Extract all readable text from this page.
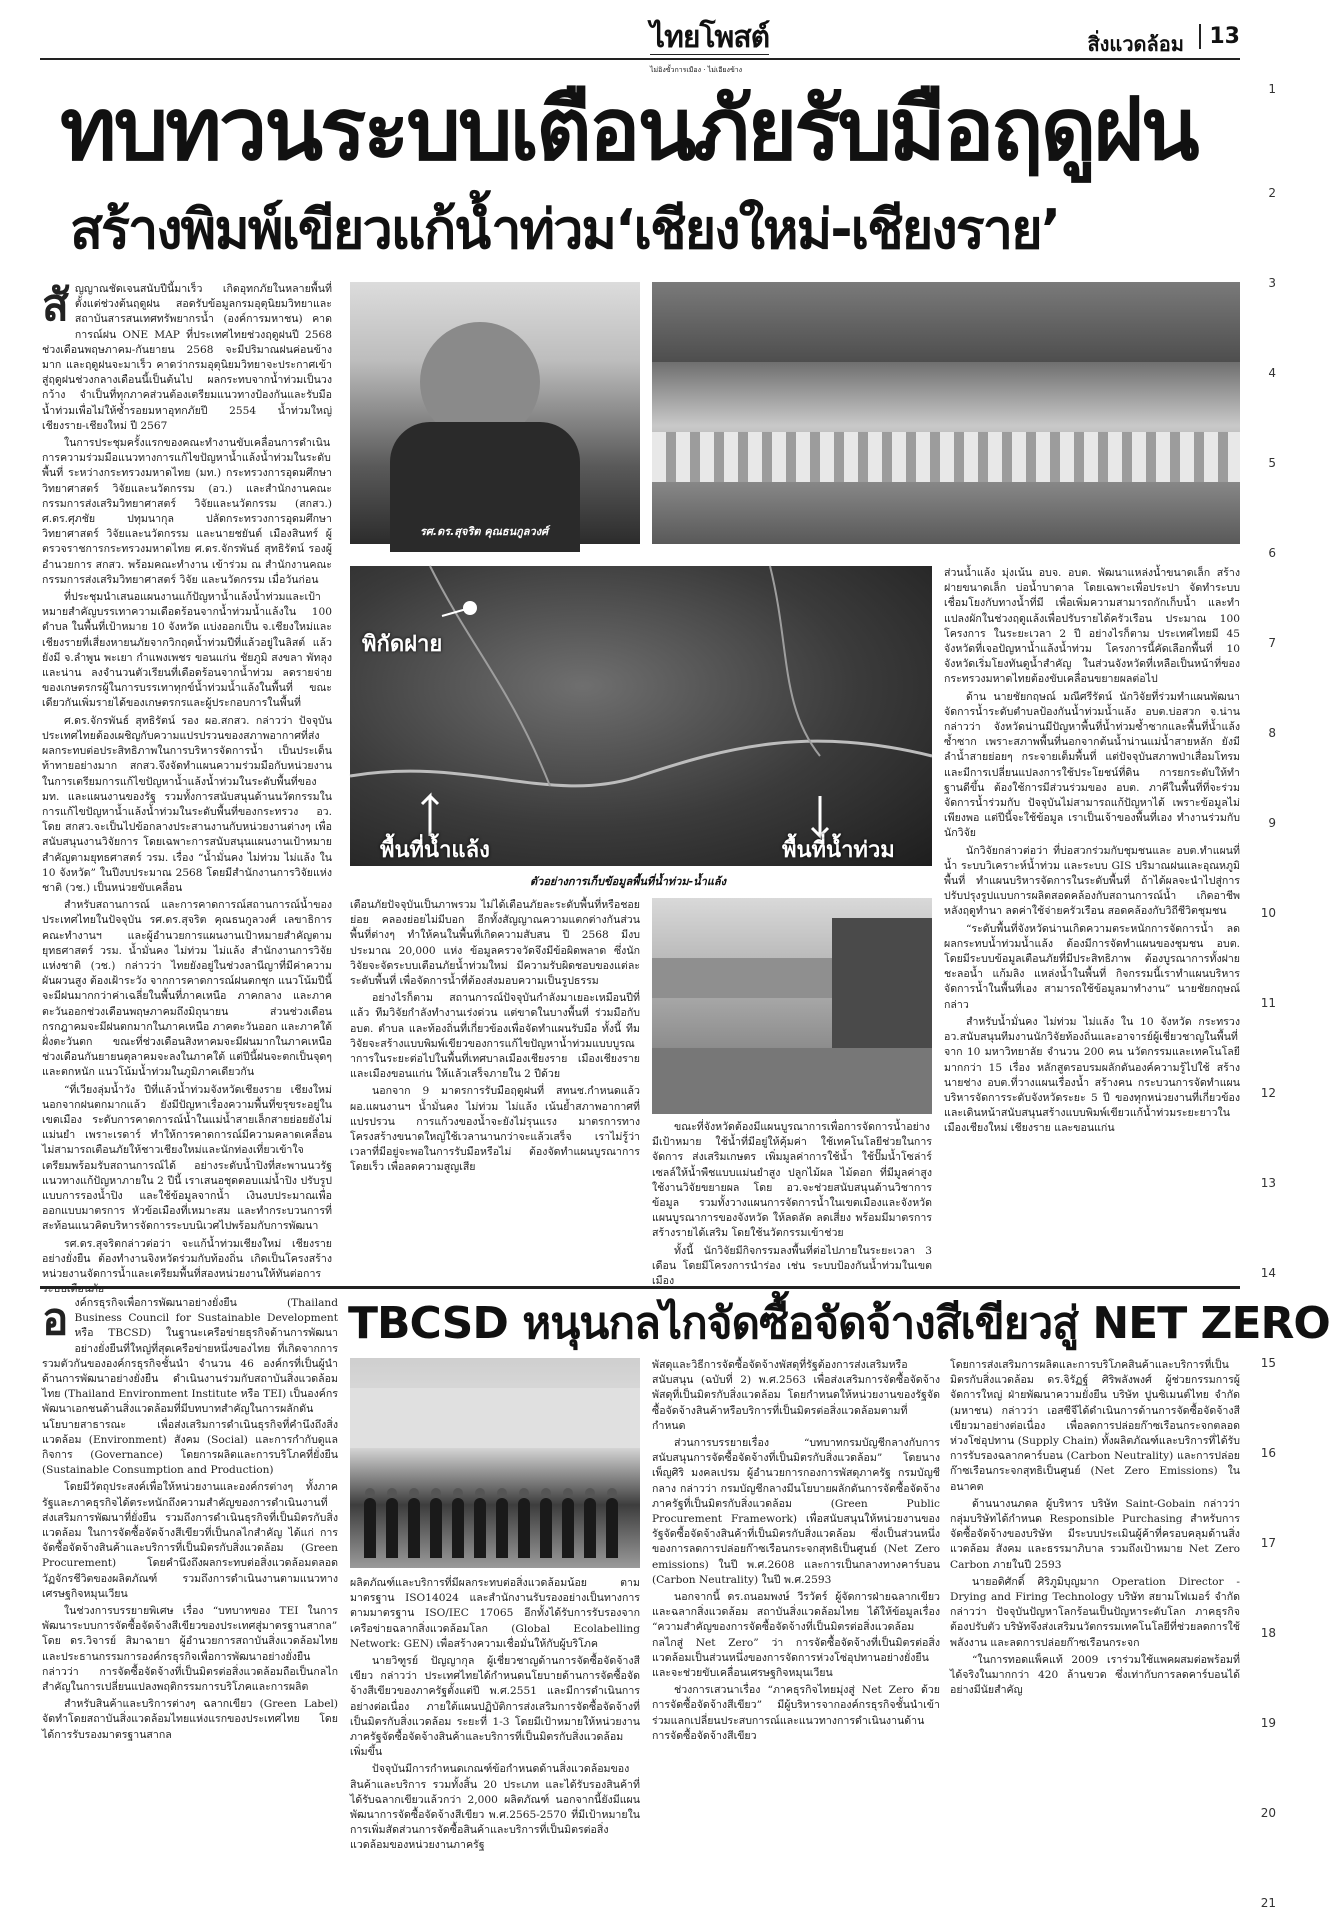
ไทยโพสต์
ไม่อิงขั้วการเมือง · ไม่เอียงข้าง
สิ่งแวดล้อม	13
1
2
3
4
5
6
7
8
9
10
11
12
13
14
15
16
17
18
19
20
21
ทบทวนระบบเตือนภัยรับมือฤดูฝน
สร้างพิมพ์เขียวแก้น้ำท่วม‘เชียงใหม่-เชียงราย’
สั ญญาณชัดเจนสนับปีนี้มาเร็ว เกิดอุทกภัยในหลายพื้นที่ตั้งแต่ช่วงต้นฤดูฝน สอดรับข้อมูลกรมอุตุนิยมวิทยาและสถาบันสารสนเทศทรัพยากรน้ำ (องค์การมหาชน) คาดการณ์ฝน ONE MAP ที่ประเทศไทยช่วงฤดูฝนปี 2568 ช่วงเดือนพฤษภาคม-กันยายน 2568 จะมีปริมาณฝนค่อนข้างมาก และฤดูฝนจะมาเร็ว คาดว่ากรมอุตุนิยมวิทยาจะประกาศเข้าสู่ฤดูฝนช่วงกลางเดือนนี้เป็นต้นไป ผลกระทบจากน้ำท่วมเป็นวงกว้าง จำเป็นที่ทุกภาคส่วนต้องเตรียมแนวทางป้องกันและรับมือน้ำท่วมเพื่อไม่ให้ซ้ำรอยมหาอุทกภัยปี 2554 น้ำท่วมใหญ่เชียงราย-เชียงใหม่ ปี 2567

ในการประชุมครั้งแรกของคณะทำงานขับเคลื่อนการดำเนินการความร่วมมือแนวทางการแก้ไขปัญหาน้ำแล้งน้ำท่วมในระดับพื้นที่ ระหว่างกระทรวงมหาดไทย (มท.) กระทรวงการอุดมศึกษา วิทยาศาสตร์ วิจัยและนวัตกรรม (อว.) และสำนักงานคณะกรรมการส่งเสริมวิทยาศาสตร์ วิจัยและนวัตกรรม (สกสว.) ศ.ดร.ศุภชัย ปทุมนากุล ปลัดกระทรวงการอุดมศึกษา วิทยาศาสตร์ วิจัยและนวัตกรรม และนายชยันต์ เมืองสินทร์ ผู้ตรวจราชการกระทรวงมหาดไทย ศ.ดร.จักรพันธ์ สุทธิรัตน์ รองผู้อำนวยการ สกสว. พร้อมคณะทำงาน เข้าร่วม ณ สำนักงานคณะกรรมการส่งเสริมวิทยาศาสตร์ วิจัย และนวัตกรรม เมื่อวันก่อน

ที่ประชุมนำเสนอแผนงานแก้ปัญหาน้ำแล้งน้ำท่วมและเป้าหมายสำคัญบรรเทาความเดือดร้อนจากน้ำท่วมน้ำแล้งใน 100 ตำบล ในพื้นที่เป้าหมาย 10 จังหวัด แบ่งออกเป็น จ.เชียงใหม่และเชียงรายที่เสี่ยงหายนภัยจากวิกฤตน้ำท่วมปีที่แล้วอยู่ในลิสต์ แล้วยังมี จ.ลำพูน พะเยา กำแพงเพชร ขอนแก่น ชัยภูมิ สงขลา พัทลุง และน่าน ลงจำนวนตัวเรียนที่เดือดร้อนจากน้ำท่วม ลดรายจ่ายของเกษตรกรผู้ในการบรรเทาทุกข์น้ำท่วมน้ำแล้งในพื้นที่ ขณะเดียวกันเพิ่มรายได้ของเกษตรกรและผู้ประกอบการในพื้นที่

ศ.ดร.จักรพันธ์ สุทธิรัตน์ รอง ผอ.สกสว. กล่าวว่า ปัจจุบันประเทศไทยต้องเผชิญกับความแปรปรวนของสภาพอากาศที่ส่งผลกระทบต่อประสิทธิภาพในการบริหารจัดการน้ำ เป็นประเด็นท้าทายอย่างมาก สกสว.จึงจัดทำแผนความร่วมมือกับหน่วยงานในการเตรียมการแก้ไขปัญหาน้ำแล้งน้ำท่วมในระดับพื้นที่ของ มท. และแผนงานของรัฐ รวมทั้งการสนับสนุนด้านนวัตกรรมในการแก้ไขปัญหาน้ำแล้งน้ำท่วมในระดับพื้นที่ของกระทรวง อว. โดย สกสว.จะเป็นไปข้อกลางประสานงานกับหน่วยงานต่างๆ เพื่อสนับสนุนงานวิจัยการ โดยเฉพาะการสนับสนุนแผนงานเป้าหมายสำคัญตามยุทธศาสตร์ วรม. เรื่อง “น้ำมั่นคง ไม่ท่วม ไม่แล้ง ใน 10 จังหวัด” ในปีงบประมาณ 2568 โดยมีสำนักงานการวิจัยแห่งชาติ (วช.) เป็นหน่วยขับเคลื่อน

สำหรับสถานการณ์ และการคาดการณ์สถานการณ์น้ำของประเทศไทยในปัจจุบัน รศ.ดร.สุจริต คุณธนกูลวงศ์ เลขาธิการคณะทำงานฯ และผู้อำนวยการแผนงานเป้าหมายสำคัญตามยุทธศาสตร์ วรม. น้ำมั่นคง ไม่ท่วม ไม่แล้ง สำนักงานการวิจัยแห่งชาติ (วช.) กล่าวว่า ไทยยังอยู่ในช่วงลานีญาที่มีค่าความผันผวนสูง ต้องเฝ้าระวัง จากการคาดการณ์ฝนตกชุก แนวโน้มปีนี้จะมีฝนมากกว่าค่าเฉลี่ยในพื้นที่ภาคเหนือ ภาคกลาง และภาคตะวันออกช่วงเดือนพฤษภาคมถึงมิถุนายน ส่วนช่วงเดือนกรกฎาคมจะมีฝนตกมากในภาคเหนือ ภาคตะวันออก และภาคใต้ฝั่งตะวันตก ขณะที่ช่วงเดือนสิงหาคมจะมีฝนมากในภาคเหนือ ช่วงเดือนกันยายนตุลาคมจะลงในภาคใต้ แต่ปีนี้ฝนจะตกเป็นจุดๆ และตกหนัก แนวโน้มน้ำท่วมในภูมิภาคเดียวกัน

“ที่เวียงลุ่มน้ำวัง ปีที่แล้วน้ำท่วมจังหวัดเชียงราย เชียงใหม่ นอกจากฝนตกมากแล้ว ยังมีปัญหาเรื่องความพื้นที่ขรุขระอยู่ในเขตเมือง ระดับการคาดการณ์น้ำในแม่น้ำสายเล็กสายย่อยยังไม่แม่นยำ เพราะเรดาร์ ทำให้การคาดการณ์มีความคลาดเคลื่อน ไม่สามารถเตือนภัยให้ชาวเชียงใหม่และนักท่องเที่ยวเข้าใจ เตรียมพร้อมรับสถานการณ์ได้ อย่างระดับน้ำปิงที่สะพานนวรัฐ แนวทางแก้ปัญหาภายใน 2 ปีนี้ เราเสนอชุดตอบแม่น้ำปิง ปรับรูปแบบการรองน้ำปิง และใช้ข้อมูลจากน้ำ เงินงบประมาณเพื่อออกแบบมาตรการ หัวข้อเมืองที่เหมาะสม และทำกระบวนการที่สะท้อนแนวคิดบริหารจัดการระบบนิเวศไปพร้อมกับการพัฒนา

รศ.ดร.สุจริตกล่าวต่อว่า จะแก้น้ำท่วมเชียงใหม่ เชียงรายอย่างยั่งยืน ต้องทำงานจิงหวัดร่วมกับท้องถิ่น เกิดเป็นโครงสร้างหน่วยงานจัดการน้ำและเตรียมพื้นที่สองหน่วยงานให้ทันต่อการระบบเตือนภัย

รศ.ดร.สุจริต คุณธนกูลวงศ์
พิกัดฝาย
พื้นที่น้ำแล้ง	พื้นที่น้ำท่วม
ตัวอย่างการเก็บข้อมูลพื้นที่น้ำท่วม-น้ำแล้ง

ส่วนน้ำแล้ง มุ่งเน้น อบจ. อบต. พัฒนาแหล่งน้ำขนาดเล็ก สร้างฝายขนาดเล็ก บ่อน้ำบาดาล โดยเฉพาะเพื่อประปา จัดทำระบบเชื่อมโยงกับทางน้ำที่มี เพื่อเพิ่มความสามารถกักเก็บน้ำ และทำแปลงผักในช่วงฤดูแล้งเพื่อปรับรายได้ครัวเรือน ประมาณ 100 โครงการ ในระยะเวลา 2 ปี อย่างไรก็ตาม ประเทศไทยมี 45 จังหวัดที่เจอปัญหาน้ำแล้งน้ำท่วม โครงการนี้คัดเลือกพื้นที่ 10 จังหวัดเริ่มโยงทันดูน้ำสำคัญ ในส่วนจังหวัดที่เหลือเป็นหน้าที่ของกระทรวงมหาดไทยต้องขับเคลื่อนขยายผลต่อไป

ด้าน นายชัยกฤษณ์ มณีศรีรัตน์ นักวิจัยที่ร่วมทำแผนพัฒนาจัดการน้ำระดับตำบลป้องกันน้ำท่วมน้ำแล้ง อบต.บ่อสวก จ.น่าน กล่าวว่า จังหวัดน่านมีปัญหาพื้นที่น้ำท่วมซ้ำซากและพื้นที่น้ำแล้งซ้ำซาก เพราะสภาพพื้นที่นอกจากต้นน้ำน่านแม่น้ำสายหลัก ยังมีลำน้ำสายย่อยๆ กระจายเต็มพื้นที่ แต่ปัจจุบันสภาพป่าเสื่อมโทรมและมีการเปลี่ยนแปลงการใช้ประโยชน์ที่ดิน การยกระดับให้ทำฐานดีขึ้น ต้องใช้การมีส่วนร่วมของ อบต. ภาคีในพื้นที่ที่จะร่วมจัดการน้ำร่วมกับ ปัจจุบันไม่สามารถแก้ปัญหาได้ เพราะข้อมูลไม่เพียงพอ แต่ปีนี้จะใช้ข้อมูล เราเป็นเจ้าของพื้นที่เอง ทำงานร่วมกับนักวิจัย

นักวิจัยกล่าวต่อว่า ที่บ่อสวกร่วมกับชุมชนและ อบต.ทำแผนที่น้ำ ระบบวิเคราะห์น้ำท่วม และระบบ GIS ปริมาณฝนและอุณหภูมิพื้นที่ ทำแผนบริหารจัดการในระดับพื้นที่ ถ้าได้ผลจะนำไปสู่การปรับปรุงรูปแบบการผลิตสอดคล้องกับสถานการณ์น้ำ เกิดอาชีพหลังฤดูทำนา ลดค่าใช้จ่ายครัวเรือน สอดคล้องกับวิถีชีวิตชุมชน

“ระดับพื้นที่จังหวัดน่านเกิดความตระหนักการจัดการน้ำ ลดผลกระทบน้ำท่วมน้ำแล้ง ต้องมีการจัดทำแผนของชุมชน อบต. โดยมีระบบข้อมูลเตือนภัยที่มีประสิทธิภาพ ต้องบูรณาการทั้งฝายชะลอน้ำ แก้มลิง แหล่งน้ำในพื้นที่ กิจกรรมนี้เราทำแผนบริหารจัดการน้ำในพื้นที่เอง สามารถใช้ข้อมูลมาทำงาน” นายชัยกฤษณ์กล่าว

สำหรับน้ำมั่นคง ไม่ท่วม ไม่แล้ง ใน 10 จังหวัด กระทรวง อว.สนับสนุนทีมงานนักวิจัยท้องถิ่นและอาจารย์ผู้เชี่ยวชาญในพื้นที่จาก 10 มหาวิทยาลัย จำนวน 200 คน นวัตกรรมและเทคโนโลยีมากกว่า 15 เรื่อง หลักสูตรอบรมผลักดันองค์ความรู้ไปใช้ สร้างนายช่าง อบต.ที่วางแผนเรื่องน้ำ สร้างคน กระบวนการจัดทำแผนบริหารจัดการระดับจังหวัดระยะ 5 ปี ของทุกหน่วยงานที่เกี่ยวข้อง และเดินหน้าสนับสนุนสร้างแบบพิมพ์เขียวแก้น้ำท่วมระยะยาวในเมืองเชียงใหม่ เชียงราย และขอนแก่น

เตือนภัยปัจจุบันเป็นภาพรวม ไม่ได้เตือนภัยละระดับพื้นที่หรือชอยย่อย คลองย่อยไม่มีบอก อีกทั้งสัญญาณความแตกต่างกันส่วนพื้นที่ต่างๆ ทำให้คนในพื้นที่เกิดความสับสน ปี 2568 มีงบประมาณ 20,000 แห่ง ข้อมูลครวจวัดจึงมีข้อผิดพลาด ซึ่งนักวิจัยจะจัดระบบเตือนภัยน้ำท่วมใหม่ มีความรับผิดชอบของแต่ละระดับพื้นที่ เพื่อจัดการน้ำที่ต้องส่งมอบความเป็นรูปธรรม

อย่างไรก็ตาม สถานการณ์ปัจจุบันกำลังมาเยอะเหมือนปีที่แล้ว ทีมวิจัยกำลังทำงานเร่งด่วน แต่ขาดในบางพื้นที่ ร่วมมือกับ อบต. ตำบล และท้องถิ่นที่เกี่ยวข้องเพื่อจัดทำแผนรับมือ ทั้งนี้ ทีมวิจัยจะสร้างแบบพิมพ์เขียวของการแก้ไขปัญหาน้ำท่วมแบบบูรณาการในระยะต่อไปในพื้นที่เทศบาลเมืองเชียงราย เมืองเชียงราย และเมืองขอนแก่น ให้แล้วเสร็จภายใน 2 ปีด้วย

นอกจาก 9 มาตรการรับมือฤดูฝนที่ สทนช.กำหนดแล้ว ผอ.แผนงานฯ น้ำมั่นคง ไม่ท่วม ไม่แล้ง เน้นย้ำสภาพอากาศที่แปรปรวน การแก้วงของน้ำจะยังไม่รุนแรง มาตรการทางโครงสร้างขนาดใหญ่ใช้เวลานานกว่าจะแล้วเสร็จ เราไม่รู้ว่าเวลาที่มีอยู่จะพอในการรับมือหรือไม่ ต้องจัดทำแผนบูรณาการโดยเร็ว เพื่อลดความสูญเสีย

ขณะที่จังหวัดต้องมีแผนบูรณาการเพื่อการจัดการน้ำอย่างมีเป้าหมาย ใช้น้ำที่มีอยู่ให้คุ้มค่า ใช้เทคโนโลยีช่วยในการจัดการ ส่งเสริมเกษตร เพิ่มมูลค่าการใช้น้ำ ใช้ปั๊มน้ำโซล่าร์เซลล์ให้น้ำพืชแบบแม่นยำสูง ปลูกไม้ผล ไม้ดอก ที่มีมูลค่าสูง ใช้งานวิจัยขยายผล โดย อว.จะช่วยสนับสนุนด้านวิชาการ ข้อมูล รวมทั้งวางแผนการจัดการน้ำในเขตเมืองและจังหวัดแผนบูรณาการของจังหวัด ให้ลดลัด ลดเสี่ยง พร้อมมีมาตรการสร้างรายได้เสริม โดยใช้นวัตกรรมเข้าช่วย

ทั้งนี้ นักวิจัยมีกิจกรรมลงพื้นที่ต่อไปภายในระยะเวลา 3 เดือน โดยมีโครงการนำร่อง เช่น ระบบป้องกันน้ำท่วมในเขตเมือง

อ งค์กรธุรกิจเพื่อการพัฒนาอย่างยั่งยืน (Thailand Business Council for Sustainable Development หรือ TBCSD) ในฐานะเครือข่ายธุรกิจด้านการพัฒนาอย่างยั่งยืนที่ใหญ่ที่สุดเครือข่ายหนึ่งของไทย ที่เกิดจากการรวมตัวกันขององค์กรธุรกิจชั้นนำ จำนวน 46 องค์กรที่เป็นผู้นำด้านการพัฒนาอย่างยั่งยืน ดำเนินงานร่วมกับสถาบันสิ่งแวดล้อมไทย (Thailand Environment Institute หรือ TEI) เป็นองค์กรพัฒนาเอกชนด้านสิ่งแวดล้อมที่มีบทบาทสำคัญในการผลักดันนโยบายสาธารณะ เพื่อส่งเสริมการดำเนินธุรกิจที่คำนึงถึงสิ่งแวดล้อม (Environment) สังคม (Social) และการกำกับดูแลกิจการ (Governance) โดยการผลิตและการบริโภคที่ยั่งยืน (Sustainable Consumption and Production)

โดยมีวัตถุประสงค์เพื่อให้หน่วยงานและองค์กรต่างๆ ทั้งภาครัฐและภาคธุรกิจได้ตระหนักถึงความสำคัญของการดำเนินงานที่ส่งเสริมการพัฒนาที่ยั่งยืน รวมถึงการดำเนินธุรกิจที่เป็นมิตรกับสิ่งแวดล้อม ในการจัดซื้อจัดจ้างสีเขียวที่เป็นกลไกสำคัญ ได้แก่ การจัดซื้อจัดจ้างสินค้าและบริการที่เป็นมิตรกับสิ่งแวดล้อม (Green Procurement) โดยคำนึงถึงผลกระทบต่อสิ่งแวดล้อมตลอดวัฏจักรชีวิตของผลิตภัณฑ์ รวมถึงการดำเนินงานตามแนวทางเศรษฐกิจหมุนเวียน

ในช่วงการบรรยายพิเศษ เรื่อง “บทบาทของ TEI ในการพัฒนาระบบการจัดซื้อจัดจ้างสีเขียวของประเทศสู่มาตรฐานสากล” โดย ดร.วิจารย์ สิมาฉายา ผู้อำนวยการสถาบันสิ่งแวดล้อมไทย และประธานกรรมการองค์กรธุรกิจเพื่อการพัฒนาอย่างยั่งยืน กล่าวว่า การจัดซื้อจัดจ้างที่เป็นมิตรต่อสิ่งแวดล้อมถือเป็นกลไกสำคัญในการเปลี่ยนแปลงพฤติกรรมการบริโภคและการผลิต

สำหรับสินค้าและบริการต่างๆ ฉลากเขียว (Green Label) จัดทำโดยสถาบันสิ่งแวดล้อมไทยแห่งแรกของประเทศไทย โดยได้การรับรองมาตรฐานสากล

TBCSD หนุนกลไกจัดซื้อจัดจ้างสีเขียวสู่ NET ZERO

ผลิตภัณฑ์และบริการที่มีผลกระทบต่อสิ่งแวดล้อมน้อย ตามมาตรฐาน ISO14024 และสำนักงานรับรองอย่างเป็นทางการตามมาตรฐาน ISO/IEC 17065 อีกทั้งได้รับการรับรองจากเครือข่ายฉลากสิ่งแวดล้อมโลก (Global Ecolabelling Network: GEN) เพื่อสร้างความเชื่อมั่นให้กับผู้บริโภค

นายวิฑูรย์ ปัญญากุล ผู้เชี่ยวชาญด้านการจัดซื้อจัดจ้างสีเขียว กล่าวว่า ประเทศไทยได้กำหนดนโยบายด้านการจัดซื้อจัดจ้างสีเขียวของภาครัฐตั้งแต่ปี พ.ศ.2551 และมีการดำเนินการอย่างต่อเนื่อง ภายใต้แผนปฏิบัติการส่งเสริมการจัดซื้อจัดจ้างที่เป็นมิตรกับสิ่งแวดล้อม ระยะที่ 1-3 โดยมีเป้าหมายให้หน่วยงานภาครัฐจัดซื้อจัดจ้างสินค้าและบริการที่เป็นมิตรกับสิ่งแวดล้อมเพิ่มขึ้น

ปัจจุบันมีการกำหนดเกณฑ์ข้อกำหนดด้านสิ่งแวดล้อมของสินค้าและบริการ รวมทั้งสิ้น 20 ประเภท และได้รับรองสินค้าที่ได้รับฉลากเขียวแล้วกว่า 2,000 ผลิตภัณฑ์ นอกจากนี้ยังมีแผนพัฒนาการจัดซื้อจัดจ้างสีเขียว พ.ศ.2565-2570 ที่มีเป้าหมายในการเพิ่มสัดส่วนการจัดซื้อสินค้าและบริการที่เป็นมิตรต่อสิ่งแวดล้อมของหน่วยงานภาครัฐ

พัสดุและวิธีการจัดซื้อจัดจ้างพัสดุที่รัฐต้องการส่งเสริมหรือสนับสนุน (ฉบับที่ 2) พ.ศ.2563 เพื่อส่งเสริมการจัดซื้อจัดจ้างพัสดุที่เป็นมิตรกับสิ่งแวดล้อม โดยกำหนดให้หน่วยงานของรัฐจัดซื้อจัดจ้างสินค้าหรือบริการที่เป็นมิตรต่อสิ่งแวดล้อมตามที่กำหนด

ส่วนการบรรยายเรื่อง “บทบาทกรมบัญชีกลางกับการสนับสนุนการจัดซื้อจัดจ้างที่เป็นมิตรกับสิ่งแวดล้อม” โดยนางเพ็ญศิริ มงคลเปรม ผู้อำนวยการกองการพัสดุภาครัฐ กรมบัญชีกลาง กล่าวว่า กรมบัญชีกลางมีนโยบายผลักดันการจัดซื้อจัดจ้างภาครัฐที่เป็นมิตรกับสิ่งแวดล้อม (Green Public Procurement Framework) เพื่อสนับสนุนให้หน่วยงานของรัฐจัดซื้อจัดจ้างสินค้าที่เป็นมิตรกับสิ่งแวดล้อม ซึ่งเป็นส่วนหนึ่งของการลดการปล่อยก๊าซเรือนกระจกสุทธิเป็นศูนย์ (Net Zero emissions) ในปี พ.ศ.2608 และการเป็นกลางทางคาร์บอน (Carbon Neutrality) ในปี พ.ศ.2593

นอกจากนี้ ดร.ถนอมพงษ์ วีรวัตร์ ผู้จัดการฝ่ายฉลากเขียวและฉลากสิ่งแวดล้อม สถาบันสิ่งแวดล้อมไทย ได้ให้ข้อมูลเรื่อง “ความสำคัญของการจัดซื้อจัดจ้างที่เป็นมิตรต่อสิ่งแวดล้อม กลไกสู่ Net Zero” ว่า การจัดซื้อจัดจ้างที่เป็นมิตรต่อสิ่งแวดล้อมเป็นส่วนหนึ่งของการจัดการห่วงโซ่อุปทานอย่างยั่งยืน และจะช่วยขับเคลื่อนเศรษฐกิจหมุนเวียน

ช่วงการเสวนาเรื่อง “ภาคธุรกิจไทยมุ่งสู่ Net Zero ด้วยการจัดซื้อจัดจ้างสีเขียว” มีผู้บริหารจากองค์กรธุรกิจชั้นนำเข้าร่วมแลกเปลี่ยนประสบการณ์และแนวทางการดำเนินงานด้านการจัดซื้อจัดจ้างสีเขียว

โดยการส่งเสริมการผลิตและการบริโภคสินค้าและบริการที่เป็นมิตรกับสิ่งแวดล้อม ดร.จิรัฏฐ์ ศิริพลังพงศ์ ผู้ช่วยกรรมการผู้จัดการใหญ่ ฝ่ายพัฒนาความยั่งยืน บริษัท ปูนซิเมนต์ไทย จำกัด (มหาชน) กล่าวว่า เอสซีจีได้ดำเนินการด้านการจัดซื้อจัดจ้างสีเขียวมาอย่างต่อเนื่อง เพื่อลดการปล่อยก๊าซเรือนกระจกตลอดห่วงโซ่อุปทาน (Supply Chain) ทั้งผลิตภัณฑ์และบริการที่ได้รับการรับรองฉลากคาร์บอน (Carbon Neutrality) และการปล่อยก๊าซเรือนกระจกสุทธิเป็นศูนย์ (Net Zero Emissions) ในอนาคต

ด้านนางนภดล ผู้บริหาร บริษัท Saint-Gobain กล่าวว่า กลุ่มบริษัทได้กำหนด Responsible Purchasing สำหรับการจัดซื้อจัดจ้างของบริษัท มีระบบประเมินผู้ค้าที่ครอบคลุมด้านสิ่งแวดล้อม สังคม และธรรมาภิบาล รวมถึงเป้าหมาย Net Zero Carbon ภายในปี 2593

นายอดิศักดิ์ ศิริภูมิบุญมาก Operation Director - Drying and Firing Technology บริษัท สยามโฟเมอร์ จำกัด กล่าวว่า ปัจจุบันปัญหาโลกร้อนเป็นปัญหาระดับโลก ภาคธุรกิจต้องปรับตัว บริษัทจึงส่งเสริมนวัตกรรมเทคโนโลยีที่ช่วยลดการใช้พลังงาน และลดการปล่อยก๊าซเรือนกระจก

“ในการทอดแพ็คแท้ 2009 เราร่วมใช้แพคผสมต่อพร้อมที่ได้จริงในมากกว่า 420 ล้านขวด ซึ่งเท่ากับการลดคาร์บอนได้อย่างมีนัยสำคัญ
